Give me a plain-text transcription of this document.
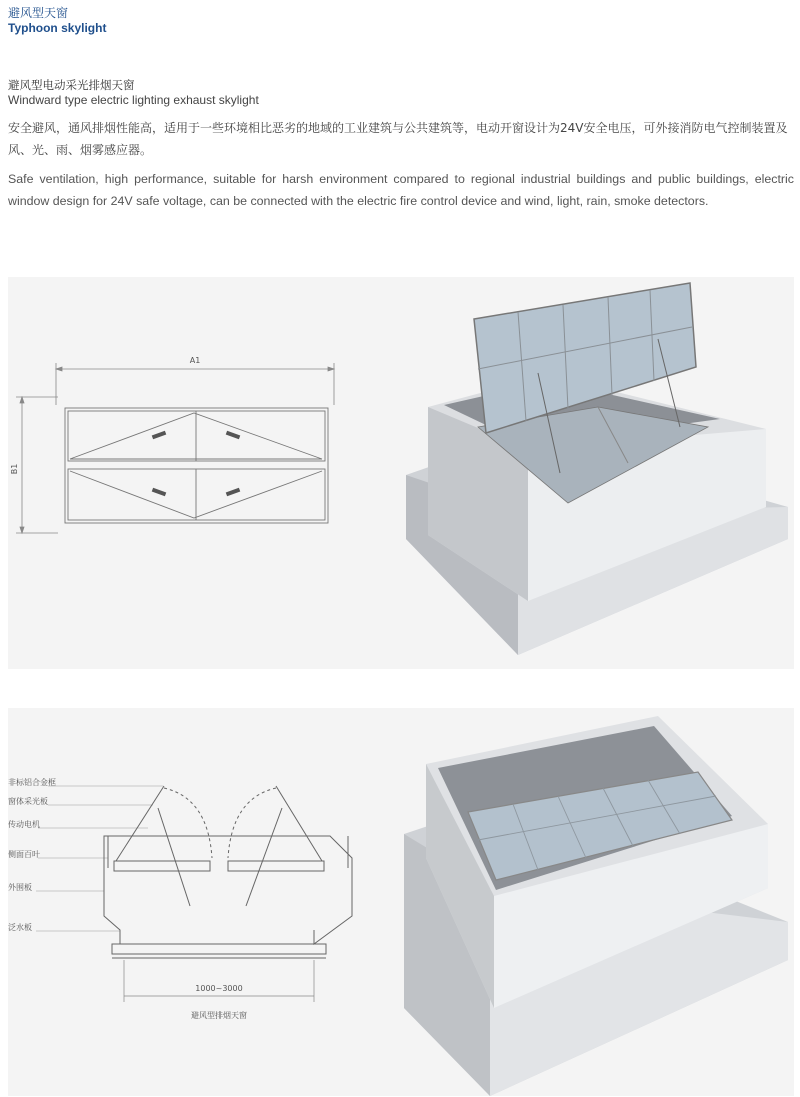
避风型天窗
Typhoon skylight
避风型电动采光排烟天窗
Windward type electric lighting exhaust skylight
安全避风，通风排烟性能高，适用于一些环境相比恶劣的地域的工业建筑与公共建筑等，电动开窗设计为24V安全电压，可外接消防电气控制装置及风、光、雨、烟雾感应器。
Safe ventilation, high performance, suitable for harsh environment compared to regional industrial buildings and public buildings, electric window design for 24V safe voltage, can be connected with the electric fire control device and wind, light, rain, smoke detectors.
A1
B1
非标铝合金框
窗体采光板
传动电机
侧面百叶
外围板
泛水板
1000~3000
避风型排烟天窗
